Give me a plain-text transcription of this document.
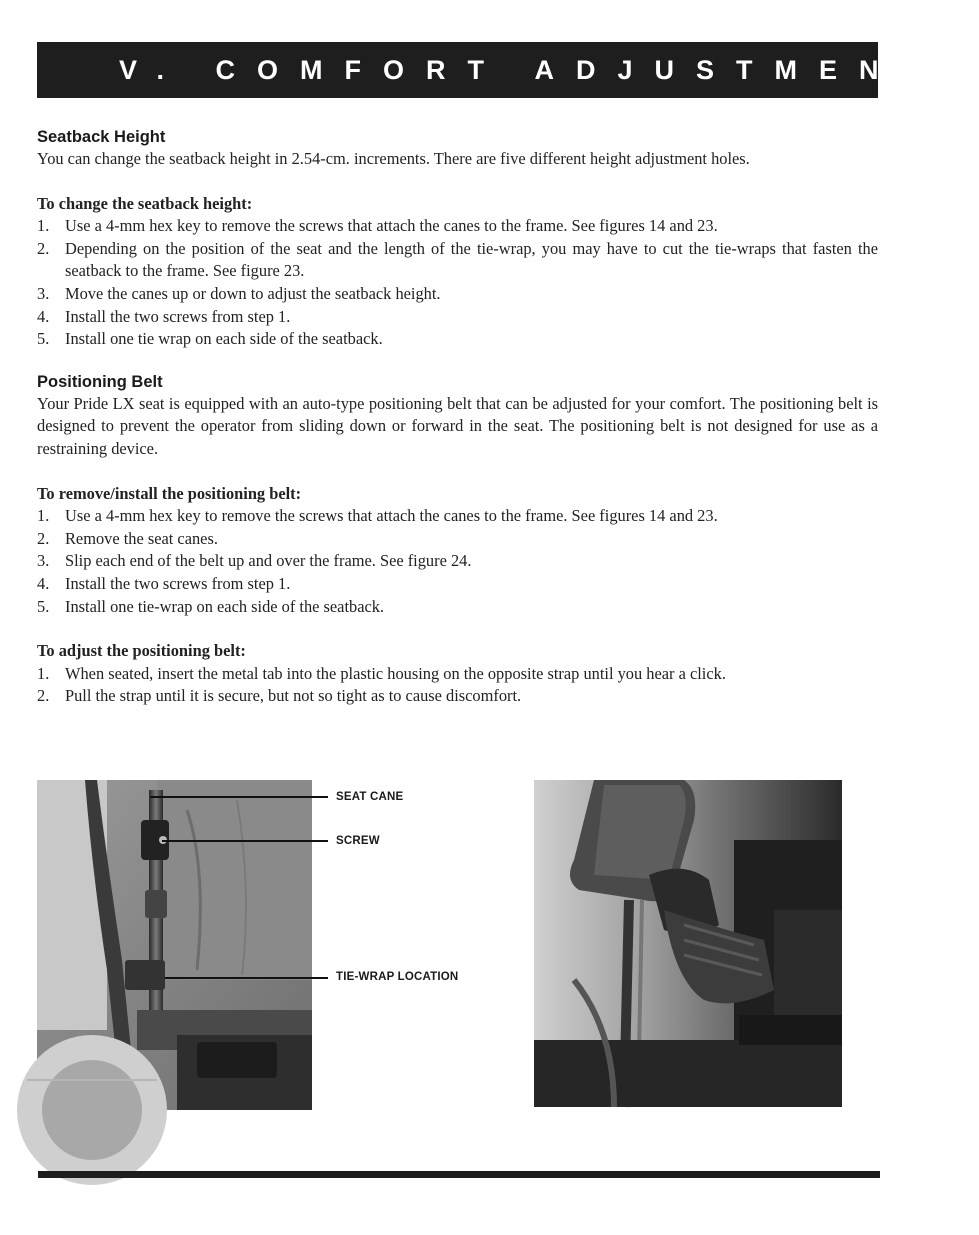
V. COMFORT ADJUSTMENTS
Seatback Height
You can change the seatback height in 2.54-cm. increments. There are five different height adjustment holes.
To change the seatback height:
1. Use a 4-mm hex key to remove the screws that attach the canes to the frame. See figures 14 and 23.
2. Depending on the position of the seat and the length of the tie-wrap, you may have to cut the tie-wraps that fasten the seatback to the frame. See figure 23.
3. Move the canes up or down to adjust the seatback height.
4. Install the two screws from step 1.
5. Install one tie wrap on each side of the seatback.
Positioning Belt
Your Pride LX seat is equipped with an auto-type positioning belt that can be adjusted for your comfort. The positioning belt is designed to prevent the operator from sliding down or forward in the seat. The positioning belt is not designed for use as a restraining device.
To remove/install the positioning belt:
1. Use a 4-mm hex key to remove the screws that attach the canes to the frame. See figures 14 and 23.
2. Remove the seat canes.
3. Slip each end of the belt up and over the frame. See figure 24.
4. Install the two screws from step 1.
5. Install one tie-wrap on each side of the seatback.
To adjust the positioning belt:
1. When seated, insert the metal tab into the plastic housing on the opposite strap until you hear a click.
2. Pull the strap until it is secure, but not so tight as to cause discomfort.
SEAT CANE
SCREW
TIE-WRAP LOCATION
